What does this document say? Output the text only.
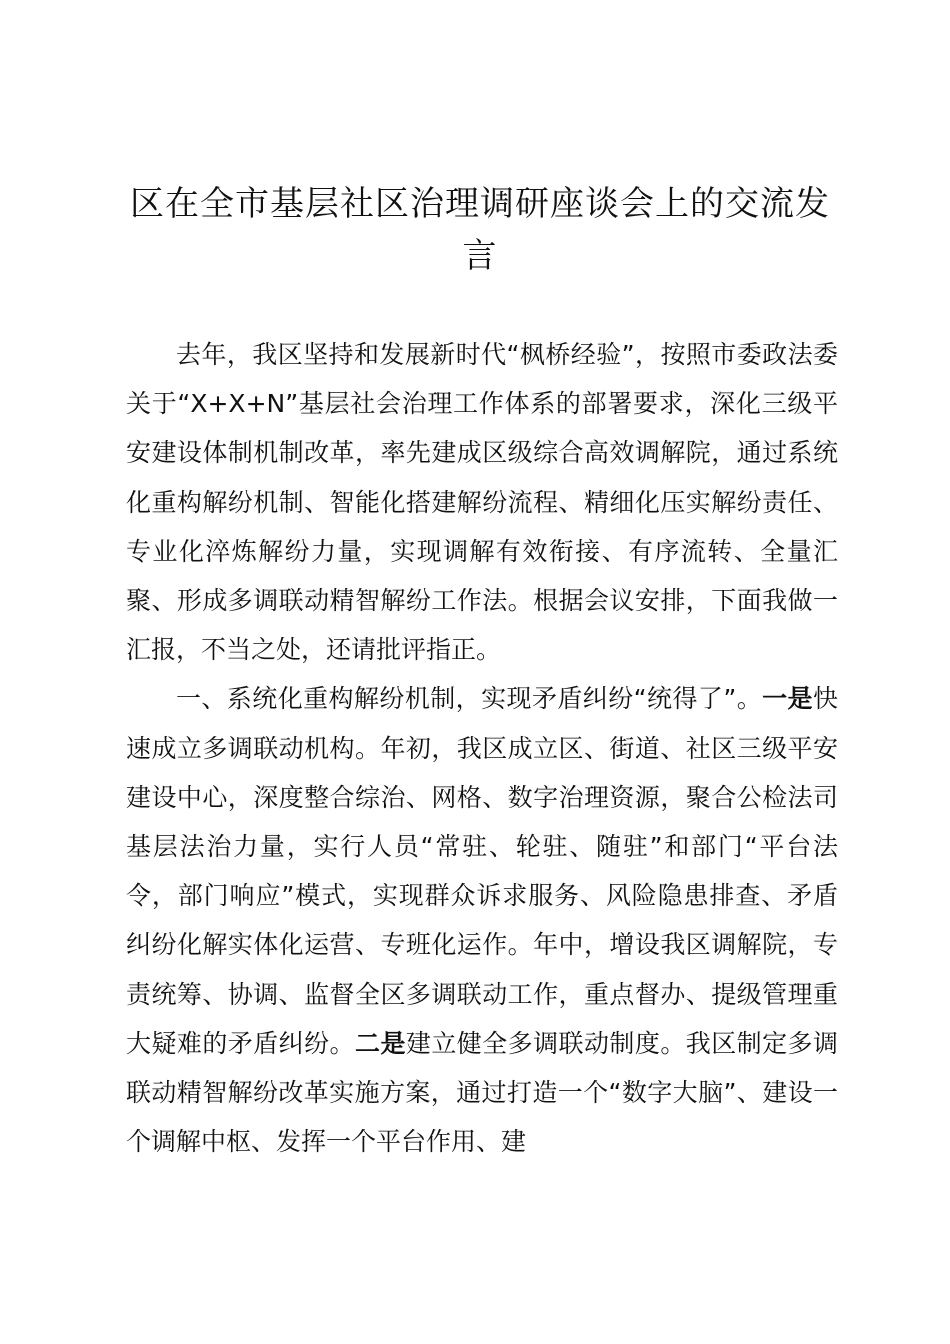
区在全市基层社区治理调研座谈会上的交流发言

去年，我区坚持和发展新时代“枫桥经验”，按照市委政法委关于“X+X+N”基层社会治理工作体系的部署要求，深化三级平安建设体制机制改革，率先建成区级综合高效调解院，通过系统化重构解纷机制、智能化搭建解纷流程、精细化压实解纷责任、专业化淬炼解纷力量，实现调解有效衔接、有序流转、全量汇聚、形成多调联动精智解纷工作法。根据会议安排，下面我做一汇报，不当之处，还请批评指正。

一、系统化重构解纷机制，实现矛盾纠纷“统得了”。一是快速成立多调联动机构。年初，我区成立区、街道、社区三级平安建设中心，深度整合综治、网格、数字治理资源，聚合公检法司基层法治力量，实行人员“常驻、轮驻、随驻”和部门“平台法令，部门响应”模式，实现群众诉求服务、风险隐患排查、矛盾纠纷化解实体化运营、专班化运作。年中，增设我区调解院，专责统筹、协调、监督全区多调联动工作，重点督办、提级管理重大疑难的矛盾纠纷。二是建立健全多调联动制度。我区制定多调联动精智解纷改革实施方案，通过打造一个“数字大脑”、建设一个调解中枢、发挥一个平台作用、建
